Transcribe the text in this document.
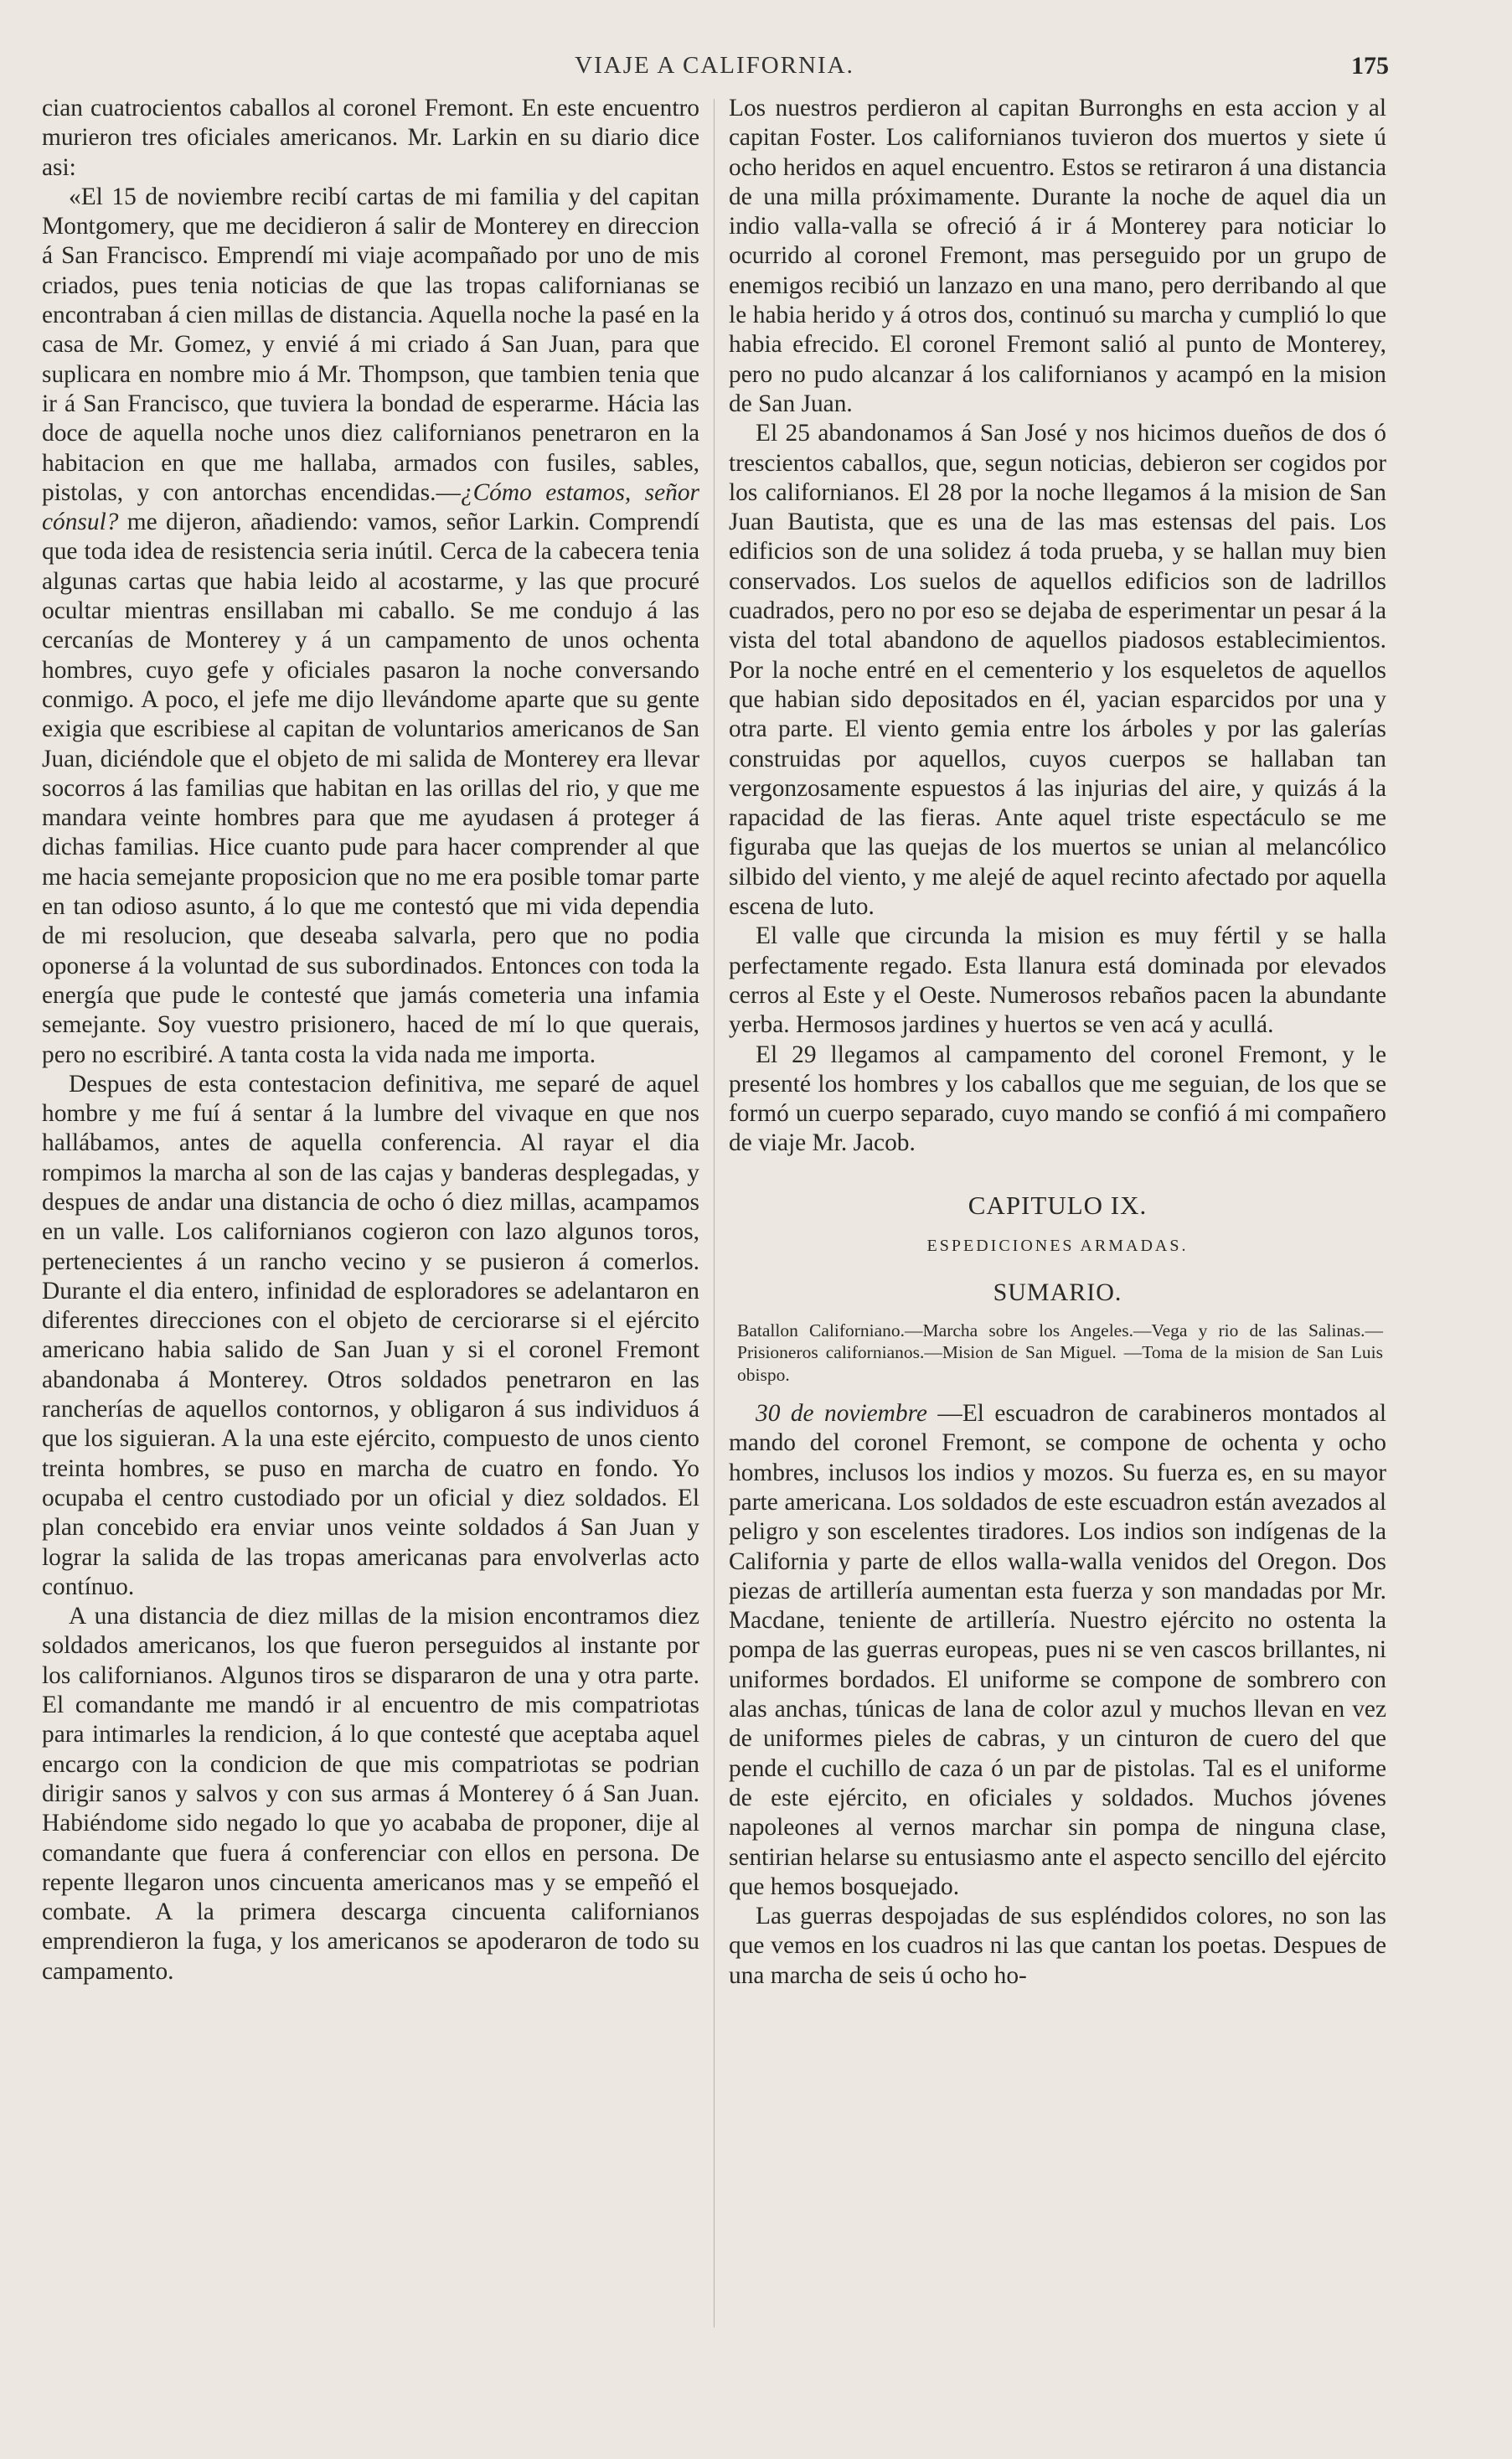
VIAJE A CALIFORNIA.	175

cian cuatrocientos caballos al coronel Fremont. En este encuentro murieron tres oficiales americanos. Mr. Larkin en su diario dice asi:

«El 15 de noviembre recibí cartas de mi familia y del capitan Montgomery, que me decidieron á salir de Monterey en direccion á San Francisco. Emprendí mi viaje acompañado por uno de mis criados, pues tenia noticias de que las tropas californianas se encontraban á cien millas de distancia. Aquella noche la pasé en la casa de Mr. Gomez, y envié á mi criado á San Juan, para que suplicara en nombre mio á Mr. Thompson, que tambien tenia que ir á San Francisco, que tuviera la bondad de esperarme. Hácia las doce de aquella noche unos diez californianos penetraron en la habitacion en que me hallaba, armados con fusiles, sables, pistolas, y con antorchas encendidas.—¿Cómo estamos, señor cónsul? me dijeron, añadiendo: vamos, señor Larkin. Comprendí que toda idea de resistencia seria inútil. Cerca de la cabecera tenia algunas cartas que habia leido al acostarme, y las que procuré ocultar mientras ensillaban mi caballo. Se me condujo á las cercanías de Monterey y á un campamento de unos ochenta hombres, cuyo gefe y oficiales pasaron la noche conversando conmigo. A poco, el jefe me dijo llevándome aparte que su gente exigia que escribiese al capitan de voluntarios americanos de San Juan, diciéndole que el objeto de mi salida de Monterey era llevar socorros á las familias que habitan en las orillas del rio, y que me mandara veinte hombres para que me ayudasen á proteger á dichas familias. Hice cuanto pude para hacer comprender al que me hacia semejante proposicion que no me era posible tomar parte en tan odioso asunto, á lo que me contestó que mi vida dependia de mi resolucion, que deseaba salvarla, pero que no podia oponerse á la voluntad de sus subordinados. Entonces con toda la energía que pude le contesté que jamás cometeria una infamia semejante. Soy vuestro prisionero, haced de mí lo que querais, pero no escribiré. A tanta costa la vida nada me importa.

Despues de esta contestacion definitiva, me separé de aquel hombre y me fuí á sentar á la lumbre del vivaque en que nos hallábamos, antes de aquella conferencia. Al rayar el dia rompimos la marcha al son de las cajas y banderas desplegadas, y despues de andar una distancia de ocho ó diez millas, acampamos en un valle. Los californianos cogieron con lazo algunos toros, pertenecientes á un rancho vecino y se pusieron á comerlos. Durante el dia entero, infinidad de esploradores se adelantaron en diferentes direcciones con el objeto de cerciorarse si el ejército americano habia salido de San Juan y si el coronel Fremont abandonaba á Monterey. Otros soldados penetraron en las rancherías de aquellos contornos, y obligaron á sus individuos á que los siguieran. A la una este ejército, compuesto de unos ciento treinta hombres, se puso en marcha de cuatro en fondo. Yo ocupaba el centro custodiado por un oficial y diez soldados. El plan concebido era enviar unos veinte soldados á San Juan y lograr la salida de las tropas americanas para envolverlas acto contínuo.

A una distancia de diez millas de la mision encontramos diez soldados americanos, los que fueron perseguidos al instante por los californianos. Algunos tiros se dispararon de una y otra parte. El comandante me mandó ir al encuentro de mis compatriotas para intimarles la rendicion, á lo que contesté que aceptaba aquel encargo con la condicion de que mis compatriotas se podrian dirigir sanos y salvos y con sus armas á Monterey ó á San Juan. Habiéndome sido negado lo que yo acababa de proponer, dije al comandante que fuera á conferenciar con ellos en persona. De repente llegaron unos cincuenta americanos mas y se empeñó el combate. A la primera descarga cincuenta californianos emprendieron la fuga, y los americanos se apoderaron de todo su campamento.

Los nuestros perdieron al capitan Burronghs en esta accion y al capitan Foster. Los californianos tuvieron dos muertos y siete ú ocho heridos en aquel encuentro. Estos se retiraron á una distancia de una milla próximamente. Durante la noche de aquel dia un indio valla-valla se ofreció á ir á Monterey para noticiar lo ocurrido al coronel Fremont, mas perseguido por un grupo de enemigos recibió un lanzazo en una mano, pero derribando al que le habia herido y á otros dos, continuó su marcha y cumplió lo que habia efrecido. El coronel Fremont salió al punto de Monterey, pero no pudo alcanzar á los californianos y acampó en la mision de San Juan.

El 25 abandonamos á San José y nos hicimos dueños de dos ó trescientos caballos, que, segun noticias, debieron ser cogidos por los californianos. El 28 por la noche llegamos á la mision de San Juan Bautista, que es una de las mas estensas del pais. Los edificios son de una solidez á toda prueba, y se hallan muy bien conservados. Los suelos de aquellos edificios son de ladrillos cuadrados, pero no por eso se dejaba de esperimentar un pesar á la vista del total abandono de aquellos piadosos establecimientos. Por la noche entré en el cementerio y los esqueletos de aquellos que habian sido depositados en él, yacian esparcidos por una y otra parte. El viento gemia entre los árboles y por las galerías construidas por aquellos, cuyos cuerpos se hallaban tan vergonzosamente espuestos á las injurias del aire, y quizás á la rapacidad de las fieras. Ante aquel triste espectáculo se me figuraba que las quejas de los muertos se unian al melancólico silbido del viento, y me alejé de aquel recinto afectado por aquella escena de luto.

El valle que circunda la mision es muy fértil y se halla perfectamente regado. Esta llanura está dominada por elevados cerros al Este y el Oeste. Numerosos rebaños pacen la abundante yerba. Hermosos jardines y huertos se ven acá y acullá.

El 29 llegamos al campamento del coronel Fremont, y le presenté los hombres y los caballos que me seguian, de los que se formó un cuerpo separado, cuyo mando se confió á mi compañero de viaje Mr. Jacob.

CAPITULO IX.
ESPEDICIONES ARMADAS.
SUMARIO.

Batallon Californiano.—Marcha sobre los Angeles.—Vega y rio de las Salinas.—Prisioneros californianos.—Mision de San Miguel. —Toma de la mision de San Luis obispo.

30 de noviembre —El escuadron de carabineros montados al mando del coronel Fremont, se compone de ochenta y ocho hombres, inclusos los indios y mozos. Su fuerza es, en su mayor parte americana. Los soldados de este escuadron están avezados al peligro y son escelentes tiradores. Los indios son indígenas de la California y parte de ellos walla-walla venidos del Oregon. Dos piezas de artillería aumentan esta fuerza y son mandadas por Mr. Macdane, teniente de artillería. Nuestro ejército no ostenta la pompa de las guerras europeas, pues ni se ven cascos brillantes, ni uniformes bordados. El uniforme se compone de sombrero con alas anchas, túnicas de lana de color azul y muchos llevan en vez de uniformes pieles de cabras, y un cinturon de cuero del que pende el cuchillo de caza ó un par de pistolas. Tal es el uniforme de este ejército, en oficiales y soldados. Muchos jóvenes napoleones al vernos marchar sin pompa de ninguna clase, sentirian helarse su entusiasmo ante el aspecto sencillo del ejército que hemos bosquejado.

Las guerras despojadas de sus espléndidos colores, no son las que vemos en los cuadros ni las que cantan los poetas. Despues de una marcha de seis ú ocho ho-
